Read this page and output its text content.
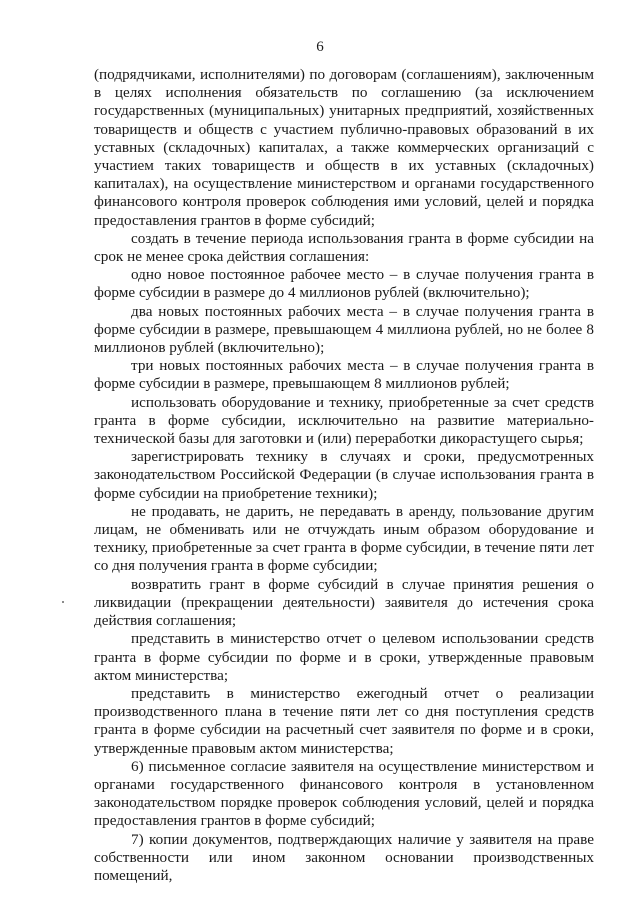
6

(подрядчиками, исполнителями) по договорам (соглашениям), заключенным в целях исполнения обязательств по соглашению (за исключением государственных (муниципальных) унитарных предприятий, хозяйственных товариществ и обществ с участием публично-правовых образований в их уставных (складочных) капиталах, а также коммерческих организаций с участием таких товариществ и обществ в их уставных (складочных) капиталах), на осуществление министерством и органами государственного финансового контроля проверок соблюдения ими условий, целей и порядка предоставления грантов в форме субсидий;

создать в течение периода использования гранта в форме субсидии на срок не менее срока действия соглашения:

одно новое постоянное рабочее место – в случае получения гранта в форме субсидии в размере до 4 миллионов рублей (включительно);

два новых постоянных рабочих места – в случае получения гранта в форме субсидии в размере, превышающем 4 миллиона рублей, но не более 8 миллионов рублей (включительно);

три новых постоянных рабочих места – в случае получения гранта в форме субсидии в размере, превышающем 8 миллионов рублей;

использовать оборудование и технику, приобретенные за счет средств гранта в форме субсидии, исключительно на развитие материально-технической базы для заготовки и (или) переработки дикорастущего сырья;

зарегистрировать технику в случаях и сроки, предусмотренных законодательством Российской Федерации (в случае использования гранта в форме субсидии на приобретение техники);

не продавать, не дарить, не передавать в аренду, пользование другим лицам, не обменивать или не отчуждать иным образом оборудование и технику, приобретенные за счет гранта в форме субсидии, в течение пяти лет со дня получения гранта в форме субсидии;

возвратить грант в форме субсидий в случае принятия решения о ликвидации (прекращении деятельности) заявителя до истечения срока действия соглашения;

представить в министерство отчет о целевом использовании средств гранта в форме субсидии по форме и в сроки, утвержденные правовым актом министерства;

представить в министерство ежегодный отчет о реализации производственного плана в течение пяти лет со дня поступления средств гранта в форме субсидии на расчетный счет заявителя по форме и в сроки, утвержденные правовым актом министерства;

6) письменное согласие заявителя на осуществление министерством и органами государственного финансового контроля в установленном законодательством порядке проверок соблюдения условий, целей и порядка предоставления грантов в форме субсидий;

7) копии документов, подтверждающих наличие у заявителя на праве собственности или ином законном основании производственных помещений,
